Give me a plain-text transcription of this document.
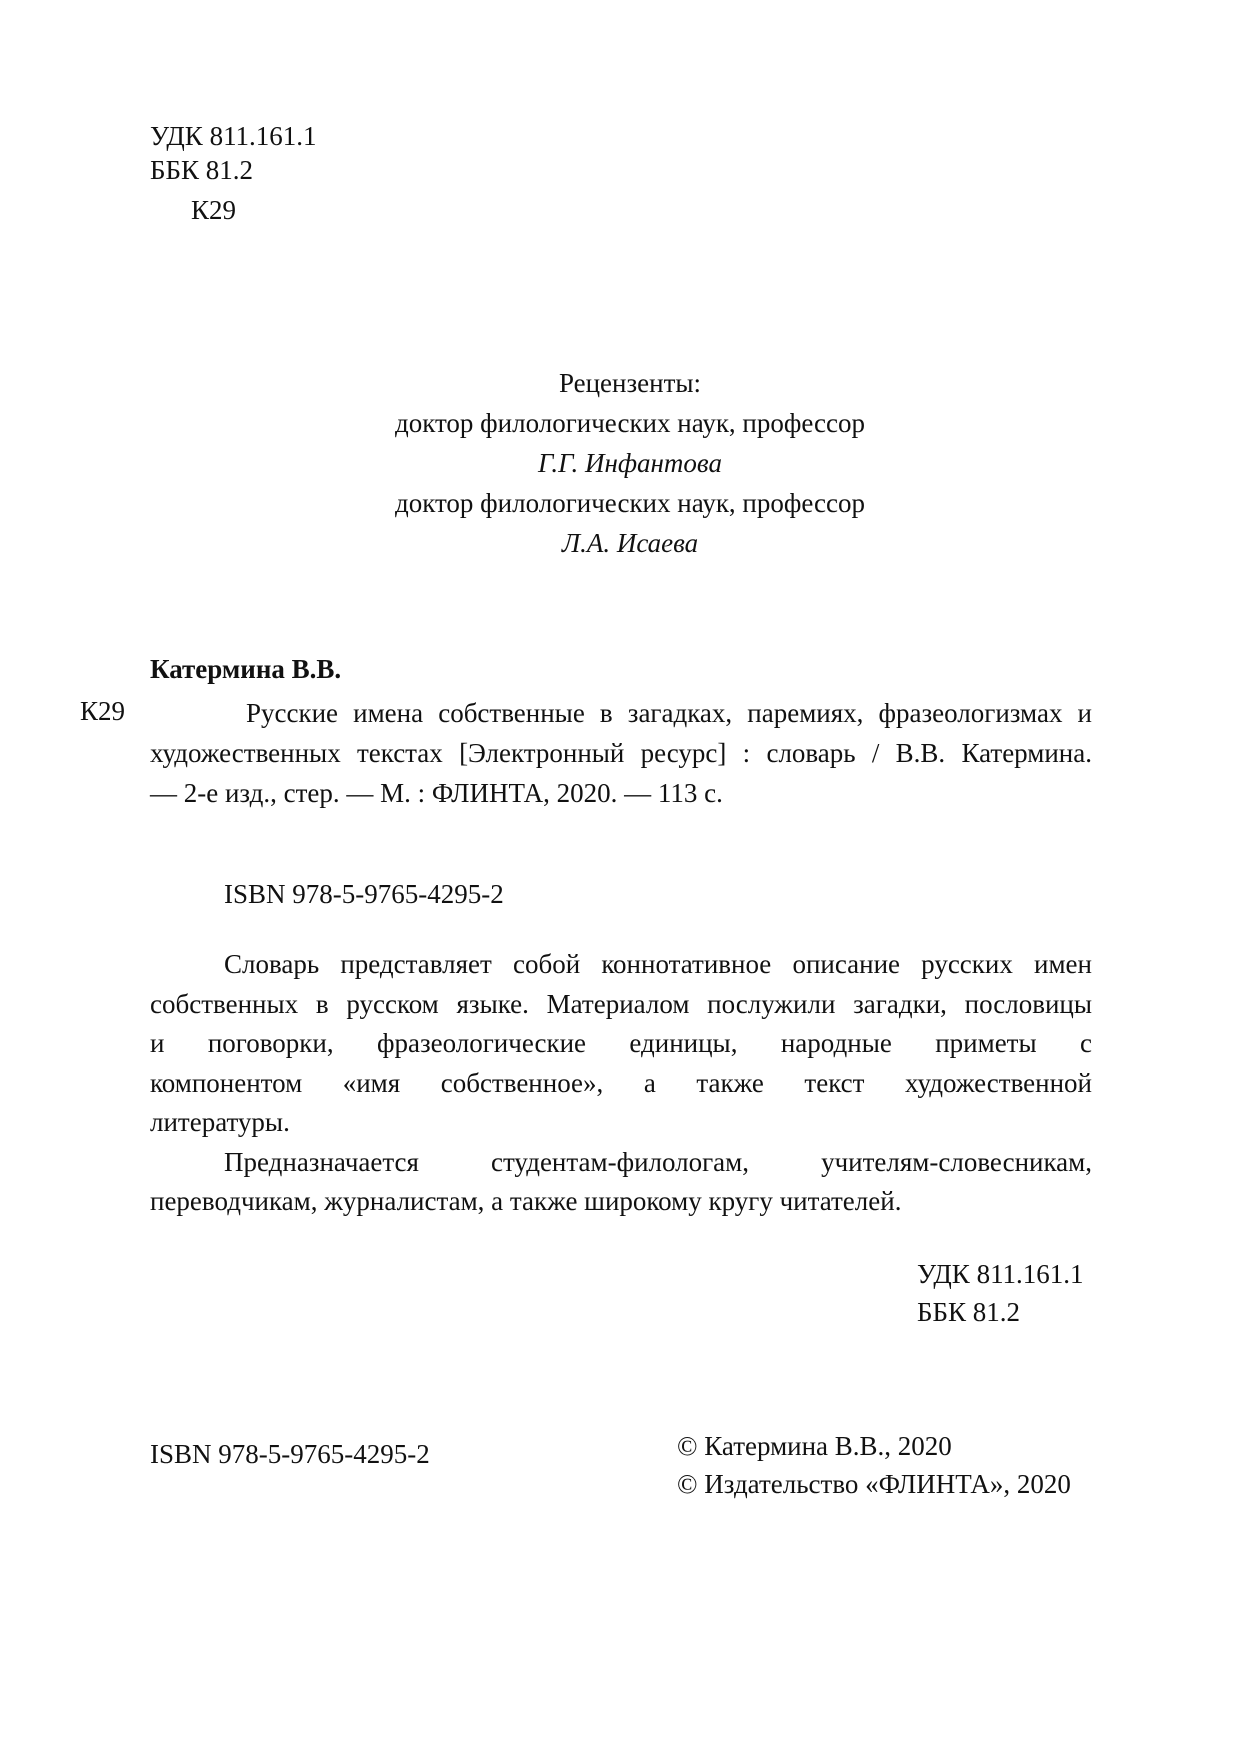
УДК 811.161.1
ББК 81.2
К29
Рецензенты:
доктор филологических наук, профессор
Г.Г. Инфантова
доктор филологических наук, профессор
Л.А. Исаева
Катермина В.В.
К29	Русские имена собственные в загадках, паремиях, фразеологизмах и
художественных текстах [Электронный ресурс] : словарь / В.В. Катермина.
— 2-е изд., стер. — М. : ФЛИНТА, 2020. — 113 с.
ISBN 978-5-9765-4295-2
Словарь представляет собой коннотативное описание русских имен
собственных в русском языке. Материалом послужили загадки, пословицы
и поговорки, фразеологические единицы, народные приметы с
компонентом «имя собственное», а также текст художественной
литературы.
Предназначается студентам-филологам, учителям-словесникам,
переводчикам, журналистам, а также широкому кругу читателей.
УДК 811.161.1
ББК 81.2
ISBN 978-5-9765-4295-2	© Катермина В.В., 2020
© Издательство «ФЛИНТА», 2020
